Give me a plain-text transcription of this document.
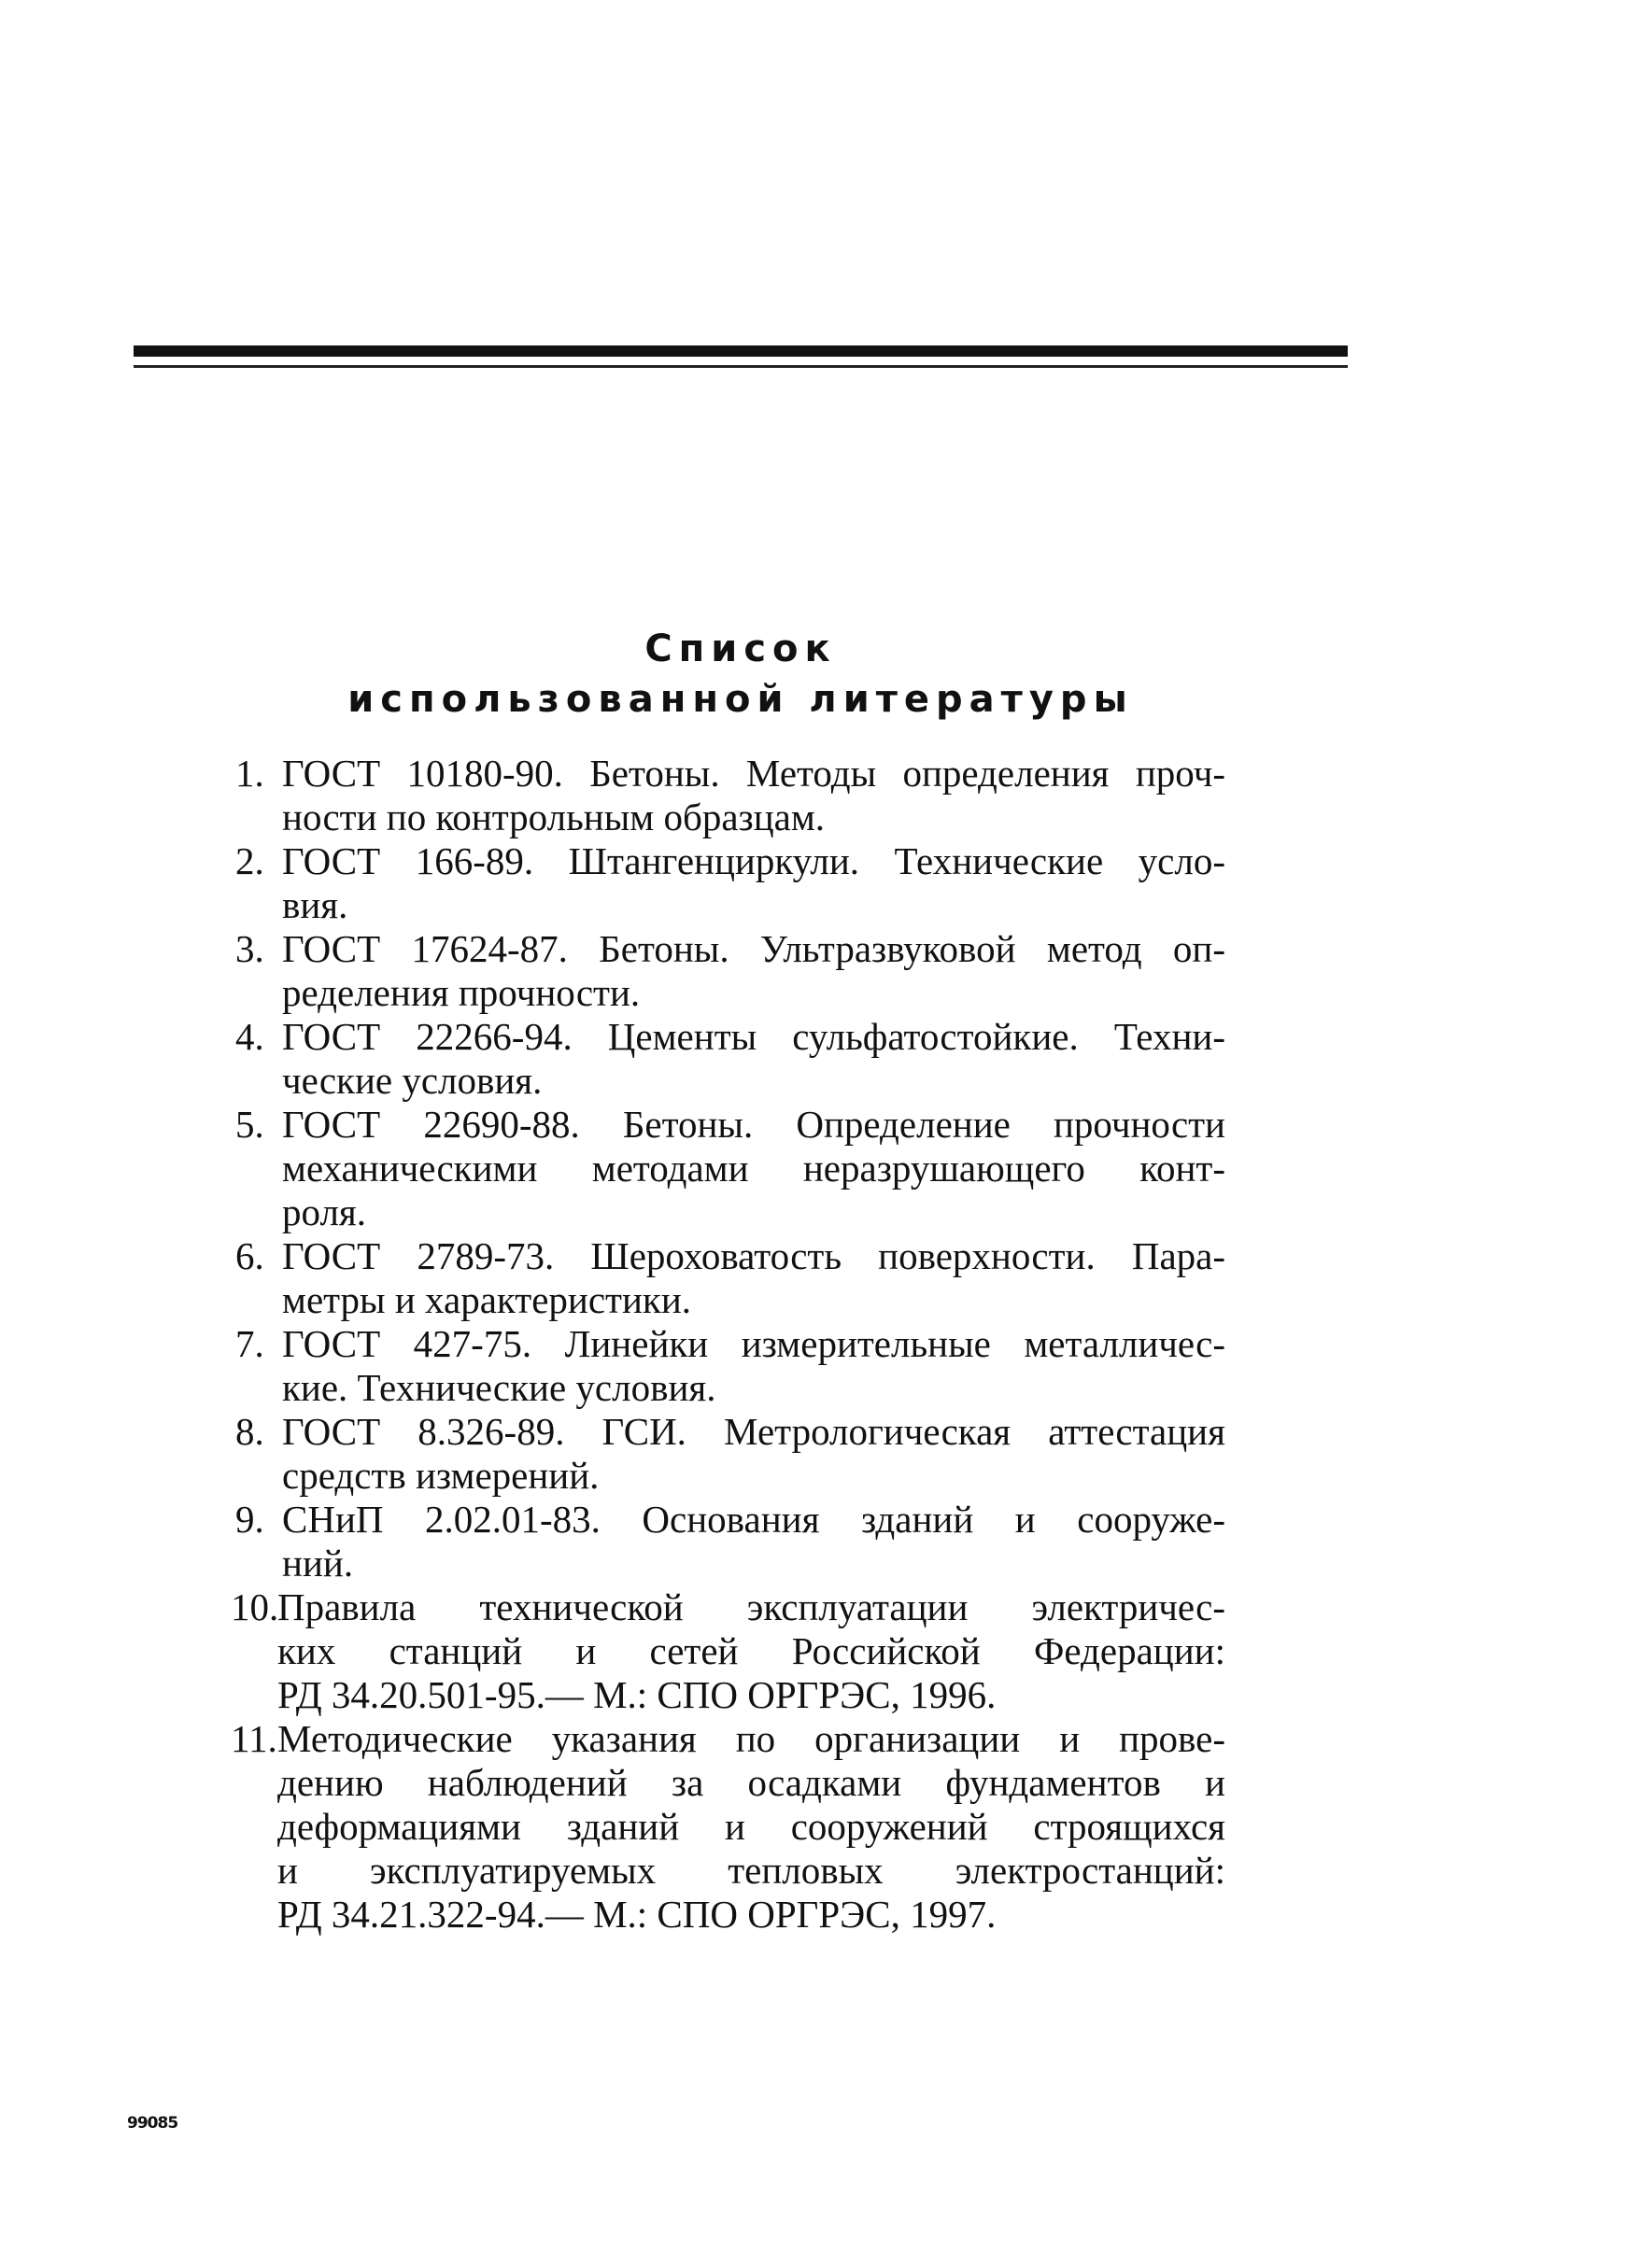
Список
использованной литературы
1. ГОСТ 10180-90. Бетоны. Методы определения проч-
ности по контрольным образцам.
2. ГОСТ 166-89. Штангенциркули. Технические усло-
вия.
3. ГОСТ 17624-87. Бетоны. Ультразвуковой метод оп-
ределения прочности.
4. ГОСТ 22266-94. Цементы сульфатостойкие. Техни-
ческие условия.
5. ГОСТ 22690-88. Бетоны. Определение прочности
механическими методами неразрушающего конт-
роля.
6. ГОСТ 2789-73. Шероховатость поверхности. Пара-
метры и характеристики.
7. ГОСТ 427-75. Линейки измерительные металличес-
кие. Технические условия.
8. ГОСТ 8.326-89. ГСИ. Метрологическая аттестация
средств измерений.
9. СНиП 2.02.01-83. Основания зданий и сооруже-
ний.
10.
Правила технической эксплуатации электричес-
ких станций и сетей Российской Федерации:
РД 34.20.501-95.— М.: СПО ОРГРЭС, 1996.
11. Методические указания по организации и прове-
дению наблюдений за осадками фундаментов и
деформациями зданий и сооружений строящихся
и эксплуатируемых тепловых электростанций:
РД 34.21.322-94.— М.: СПО ОРГРЭС, 1997.
99085
